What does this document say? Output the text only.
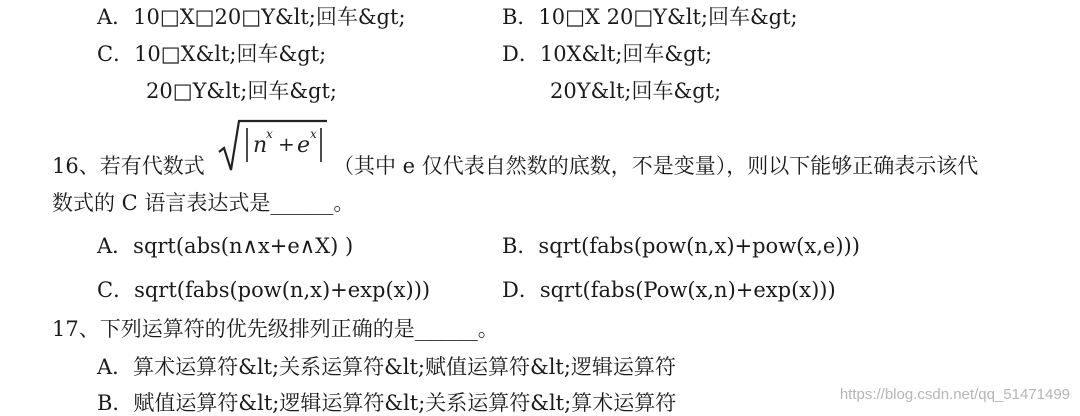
A．10□X□20□Y&lt;回车&gt;	B．10□X 20□Y&lt;回车&gt;
C．10□X&lt;回车&gt;	D．10X&lt;回车&gt;
20□Y&lt;回车&gt;	20Y&lt;回车&gt;
16、若有代数式
n
x + e x
（其中 e 仅代表自然数的底数，不是变量），则以下能够正确表示该代
数式的 C 语言表达式是______。
A．sqrt(abs(n∧x+e∧X) )	B．sqrt(fabs(pow(n,x)+pow(x,e)))
C．sqrt(fabs(pow(n,x)+exp(x)))	D．sqrt(fabs(Pow(x,n)+exp(x)))
17、下列运算符的优先级排列正确的是______。
A．算术运算符&lt;关系运算符&lt;赋值运算符&lt;逻辑运算符
B．赋值运算符&lt;逻辑运算符&lt;关系运算符&lt;算术运算符	https://blog.csdn.net/qq_51471499
